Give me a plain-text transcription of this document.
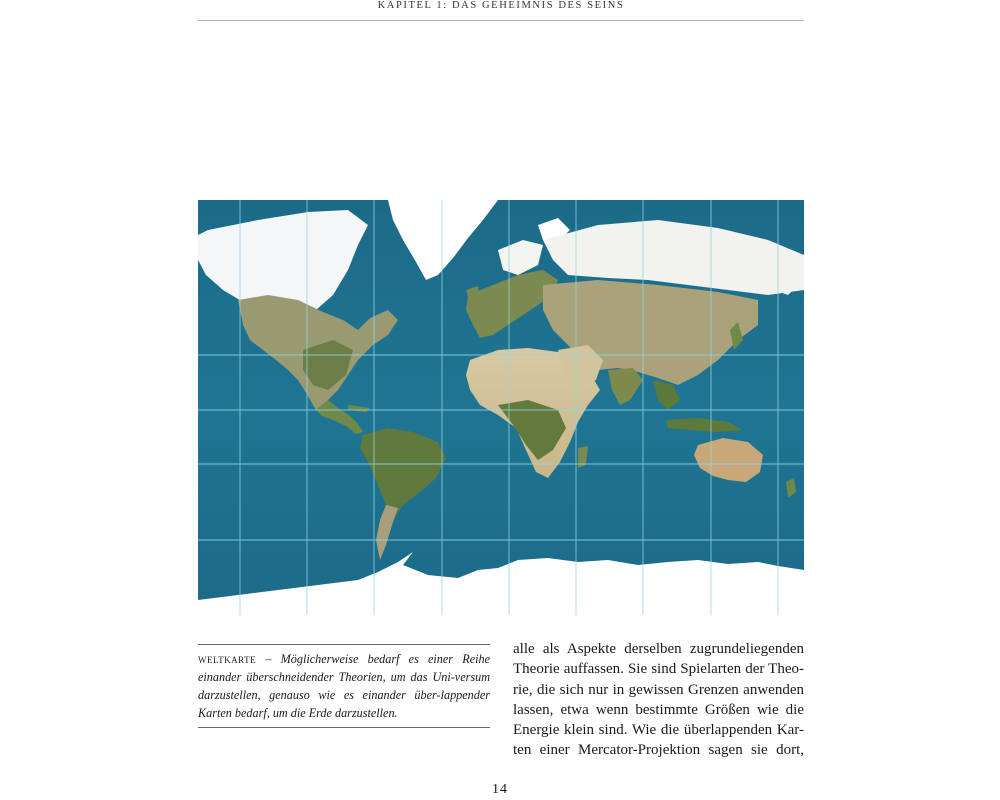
KAPITEL 1: DAS GEHEIMNIS DES SEINS
weltkarte – Möglicherweise bedarf es einer Reihe einander überschneidender Theorien, um das Uni-versum darzustellen, genauso wie es einander über-lappender Karten bedarf, um die Erde darzustellen.
alle als Aspekte derselben zugrundeliegenden
Theorie auffassen. Sie sind Spielarten der Theo-
rie, die sich nur in gewissen Grenzen anwenden
lassen, etwa wenn bestimmte Größen wie die
Energie klein sind. Wie die überlappenden Kar-
ten einer Mercator-Projektion sagen sie dort,
14
